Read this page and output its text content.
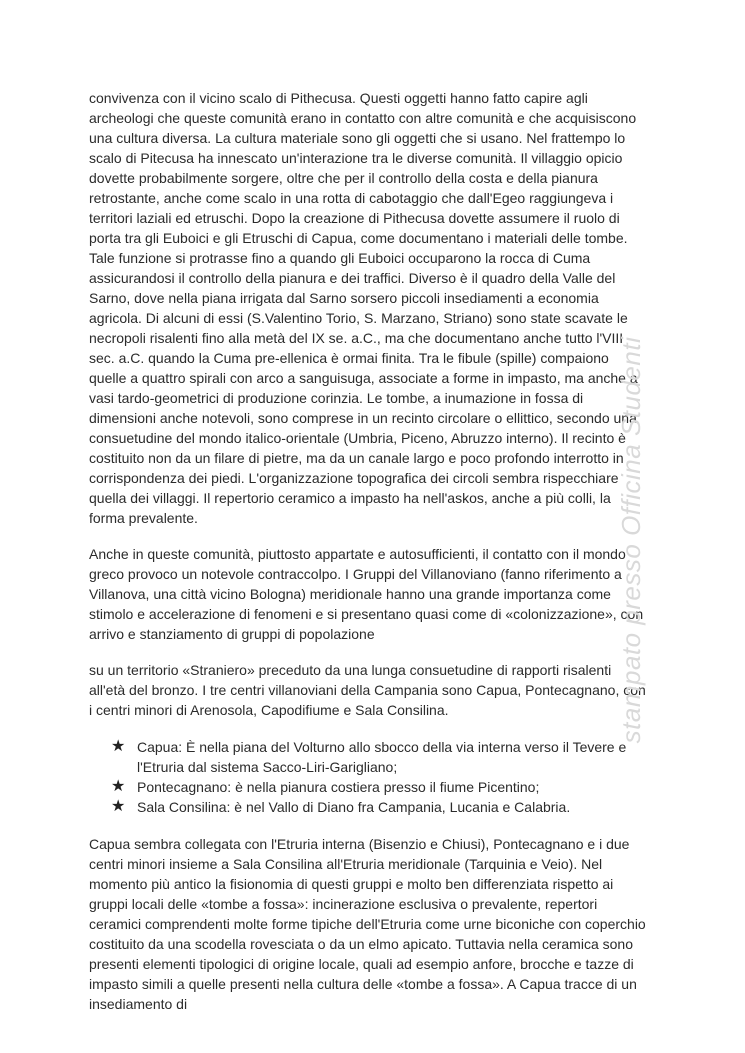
convivenza con il vicino scalo di Pithecusa. Questi oggetti hanno fatto capire agli archeologi che queste comunità erano in contatto con altre comunità e che acquisiscono una cultura diversa. La cultura materiale sono gli oggetti che si usano. Nel frattempo lo scalo di Pitecusa ha innescato un'interazione tra le diverse comunità. Il villaggio opicio dovette probabilmente sorgere, oltre che per il controllo della costa e della pianura retrostante, anche come scalo in una rotta di cabotaggio che dall'Egeo raggiungeva i territori laziali ed etruschi. Dopo la creazione di Pithecusa dovette assumere il ruolo di porta tra gli Euboici e gli Etruschi di Capua, come documentano i materiali delle tombe. Tale funzione si protrasse fino a quando gli Euboici occuparono la rocca di Cuma assicurandosi il controllo della pianura e dei traffici. Diverso è il quadro della Valle del Sarno, dove nella piana irrigata dal Sarno sorsero piccoli insediamenti a economia agricola. Di alcuni di essi (S.Valentino Torio, S. Marzano, Striano) sono state scavate le necropoli risalenti fino alla metà del IX se. a.C., ma che documentano anche tutto l'VIII sec. a.C. quando la Cuma pre-ellenica è ormai finita. Tra le fibule (spille) compaiono quelle a quattro spirali con arco a sanguisuga, associate a forme in impasto, ma anche a vasi tardo-geometrici di produzione corinzia. Le tombe, a inumazione in fossa di dimensioni anche notevoli, sono comprese in un recinto circolare o ellittico, secondo una consuetudine del mondo italico-orientale (Umbria, Piceno, Abruzzo interno). Il recinto è costituito non da un filare di pietre, ma da un canale largo e poco profondo interrotto in corrispondenza dei piedi. L'organizzazione topografica dei circoli sembra rispecchiare quella dei villaggi. Il repertorio ceramico a impasto ha nell'askos, anche a più colli, la forma prevalente.

Anche in queste comunità, piuttosto appartate e autosufficienti, il contatto con il mondo greco provoco un notevole contraccolpo. I Gruppi del Villanoviano (fanno riferimento a Villanova, una città vicino Bologna) meridionale hanno una grande importanza come stimolo e accelerazione di fenomeni e si presentano quasi come di «colonizzazione», con arrivo e stanziamento di gruppi di popolazione

su un territorio «Straniero» preceduto da una lunga consuetudine di rapporti risalenti all'età del bronzo. I tre centri villanoviani della Campania sono Capua, Pontecagnano, con i centri minori di Arenosola, Capodifiume e Sala Consilina.

★ Capua: È nella piana del Volturno allo sbocco della via interna verso il Tevere e l'Etruria dal sistema Sacco-Liri-Garigliano;
★ Pontecagnano: è nella pianura costiera presso il fiume Picentino;
★ Sala Consilina: è nel Vallo di Diano fra Campania, Lucania e Calabria.

Capua sembra collegata con l'Etruria interna (Bisenzio e Chiusi), Pontecagnano e i due centri minori insieme a Sala Consilina all'Etruria meridionale (Tarquinia e Veio). Nel momento più antico la fisionomia di questi gruppi e molto ben differenziata rispetto ai gruppi locali delle «tombe a fossa»: incinerazione esclusiva o prevalente, repertori ceramici comprendenti molte forme tipiche dell'Etruria come urne biconiche con coperchio costituito da una scodella rovesciata o da un elmo apicato. Tuttavia nella ceramica sono presenti elementi tipologici di origine locale, quali ad esempio anfore, brocche e tazze di impasto simili a quelle presenti nella cultura delle «tombe a fossa». A Capua tracce di un insediamento di

stampato presso Officina Studenti
